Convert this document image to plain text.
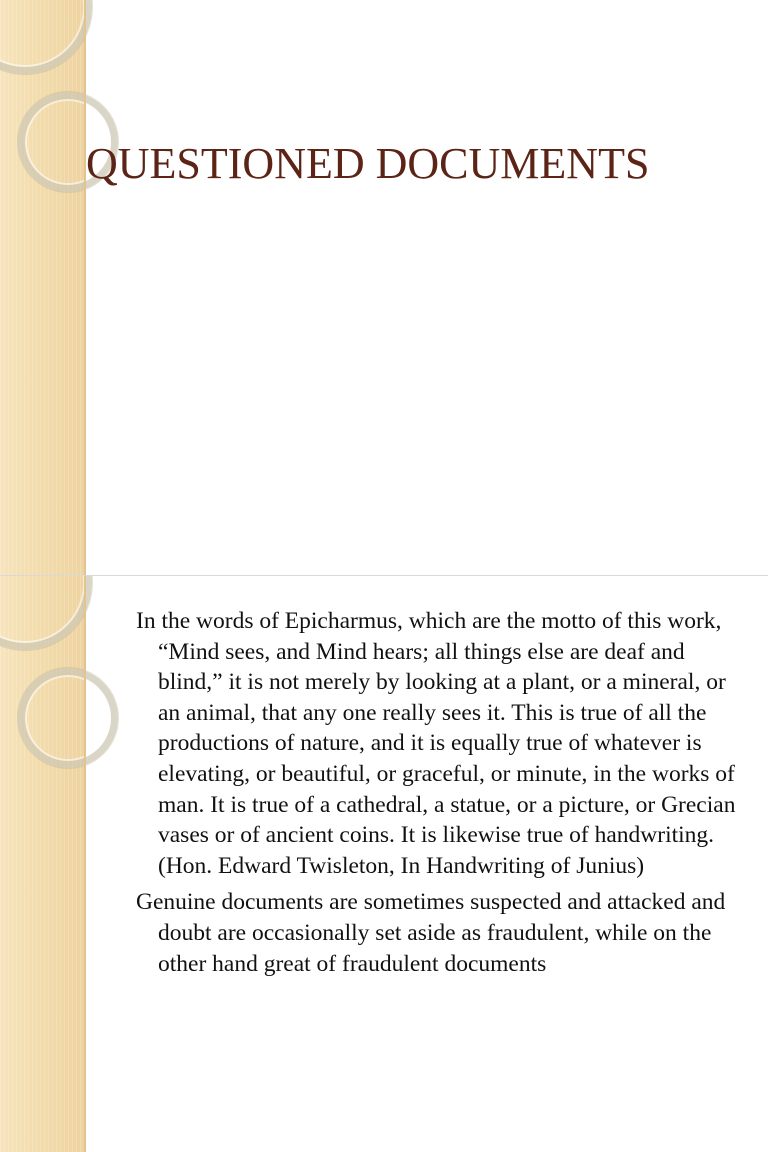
QUESTIONED DOCUMENTS
In the words of Epicharmus, which are the motto of this work, “Mind sees, and Mind hears; all things else are deaf and blind,” it is not merely by looking at a plant, or a mineral, or an animal, that any one really sees it. This is true of all the productions of nature, and it is equally true of whatever is elevating, or beautiful, or graceful, or minute, in the works of man. It is true of a cathedral, a statue, or a picture, or Grecian vases or of ancient coins. It is likewise true of handwriting. (Hon. Edward Twisleton, In Handwriting of Junius)
Genuine documents are sometimes suspected and attacked and doubt are occasionally set aside as fraudulent, while on the other hand great of fraudulent documents
